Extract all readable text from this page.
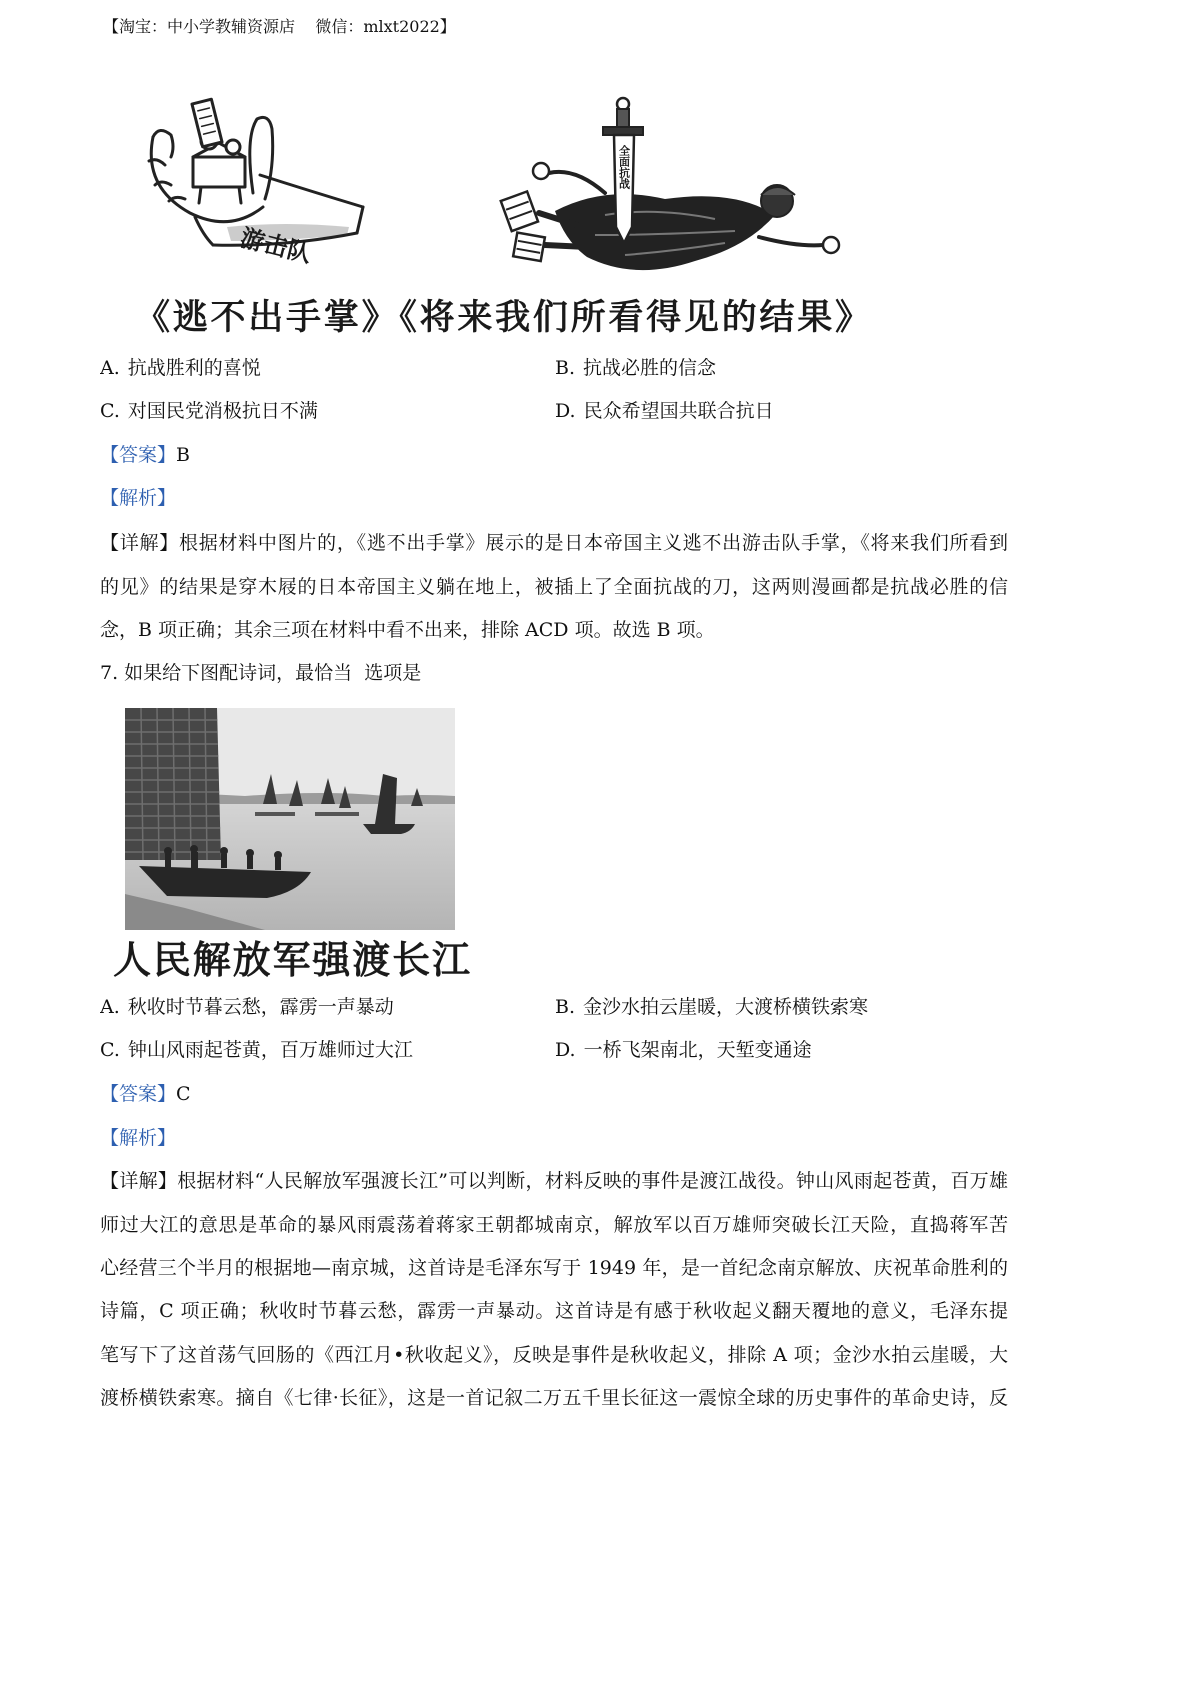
【淘宝：中小学教辅资源店    微信：mlxt2022】
游击队
全面抗战
《逃不出手掌》《将来我们所看得见的结果》
A. 抗战胜利的喜悦	B. 抗战必胜的信念
C. 对国民党消极抗日不满	D. 民众希望国共联合抗日
【答案】B
【解析】
【详解】根据材料中图片的，《逃不出手掌》展示的是日本帝国主义逃不出游击队手掌，《将来我们所看到
的见》的结果是穿木屐的日本帝国主义躺在地上，被插上了全面抗战的刀，这两则漫画都是抗战必胜的信
念，B 项正确；其余三项在材料中看不出来，排除 ACD 项。故选 B 项。
7. 如果给下图配诗词，最恰当  选项是
人民解放军强渡长江
A. 秋收时节暮云愁，霹雳一声暴动	B. 金沙水拍云崖暖，大渡桥横铁索寒
C. 钟山风雨起苍黄，百万雄师过大江	D. 一桥飞架南北，天堑变通途
【答案】C
【解析】
【详解】根据材料“人民解放军强渡长江”可以判断，材料反映的事件是渡江战役。钟山风雨起苍黄，百万雄
师过大江的意思是革命的暴风雨震荡着蒋家王朝都城南京，解放军以百万雄师突破长江天险，直捣蒋军苦
心经营三个半月的根据地—南京城，这首诗是毛泽东写于 1949 年，是一首纪念南京解放、庆祝革命胜利的
诗篇，C 项正确；秋收时节暮云愁，霹雳一声暴动。这首诗是有感于秋收起义翻天覆地的意义，毛泽东提
笔写下了这首荡气回肠的《西江月•秋收起义》，反映是事件是秋收起义，排除 A 项；金沙水拍云崖暖，大
渡桥横铁索寒。摘自《七律·长征》，这是一首记叙二万五千里长征这一震惊全球的历史事件的革命史诗，反
